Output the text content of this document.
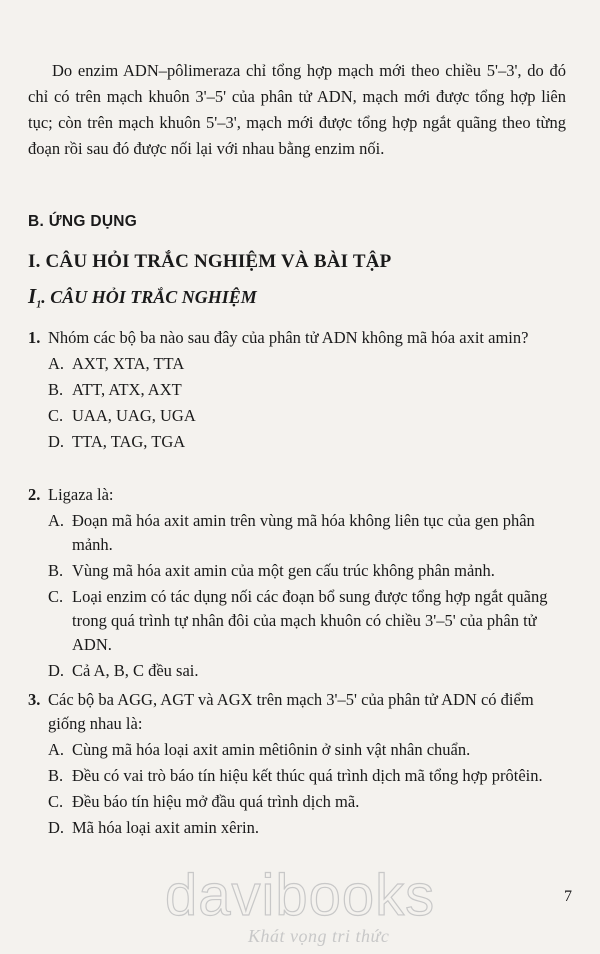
Do enzim ADN–pôlimeraza chỉ tổng hợp mạch mới theo chiều 5'–3', do đó chỉ có trên mạch khuôn 3'–5' của phân tử ADN, mạch mới được tổng hợp liên tục; còn trên mạch khuôn 5'–3', mạch mới được tổng hợp ngắt quãng theo từng đoạn rồi sau đó được nối lại với nhau bằng enzim nối.

B. ỨNG DỤNG
I. CÂU HỎI TRẮC NGHIỆM VÀ BÀI TẬP
$I_1$. CÂU HỎI TRẮC NGHIỆM
1. Nhóm các bộ ba nào sau đây của phân tử ADN không mã hóa axit amin?
A. AXT, XTA, TTA
B. ATT, ATX, AXT
C. UAA, UAG, UGA
D. TTA, TAG, TGA
2. Ligaza là:
A. Đoạn mã hóa axit amin trên vùng mã hóa không liên tục của gen phân mảnh.
B. Vùng mã hóa axit amin của một gen cấu trúc không phân mảnh.
C. Loại enzim có tác dụng nối các đoạn bổ sung được tổng hợp ngắt quãng trong quá trình tự nhân đôi của mạch khuôn có chiều 3'–5' của phân tử ADN.
D. Cả A, B, C đều sai.
3. Các bộ ba AGG, AGT và AGX trên mạch 3'–5' của phân tử ADN có điểm giống nhau là:
A. Cùng mã hóa loại axit amin mêtiônin ở sinh vật nhân chuẩn.
B. Đều có vai trò báo tín hiệu kết thúc quá trình dịch mã tổng hợp prôtêin.
C. Đều báo tín hiệu mở đầu quá trình dịch mã.
D. Mã hóa loại axit amin xêrin.
davibooks
Khát vọng tri thức
7
